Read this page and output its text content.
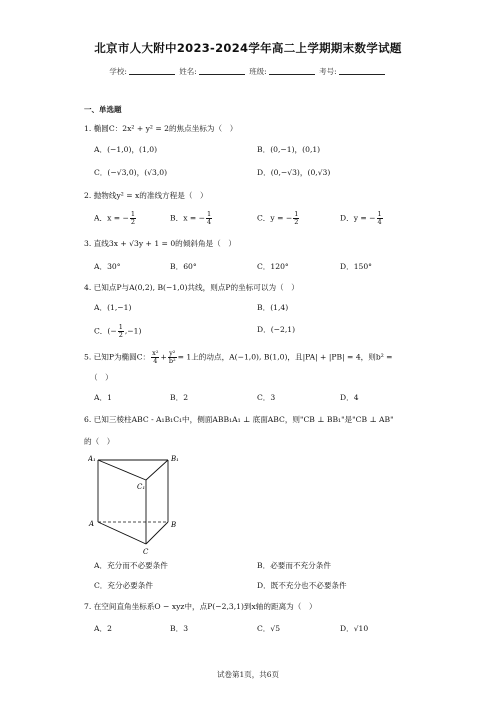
北京市人大附中2023-2024学年高二上学期期末数学试题
学校:	姓名:	班级:	考号:
一、单选题
1. 椭圆C：2x² + y² = 2的焦点坐标为（　）
A．(−1,0)，(1,0)	B．(0,−1)，(0,1)
C．(−√3,0)，(√3,0)	D．(0,−√3)，(0,√3)
2. 抛物线y² = x的准线方程是（　）
A．x = − $\frac{1}{2}$	B．x = − $\frac{1}{4}$	C．y = − $\frac{1}{2}$	D．y = − $\frac{1}{4}$
3. 直线3x + √3y + 1 = 0的倾斜角是（　）
A．30°	B．60°	C．120°	D．150°
4. 已知点P与A(0,2), B(−1,0)共线，则点P的坐标可以为（　）
A．(1,−1)	B．(1,4)
C．(− $\frac{1}{2} ,-1$)	D．(−2,1)
5. 已知P为椭圆C： $\frac{\text{x²}}{4} + \frac{\text{y²}}{\text{b²}} = 1$上的动点，A(−1,0), B(1,0)，且|PA| + |PB| = 4，则b² =
（　）
A．1	B．2	C．3	D．4
6. 已知三棱柱ABC - A₁B₁C₁中，侧面ABB₁A₁ ⊥ 底面ABC，则"CB ⊥ BB₁"是"CB ⊥ AB"
的（　）
A₁	B₁
C₁
A	B
C
A．充分而不必要条件	B．必要而不充分条件
C．充分必要条件	D．既不充分也不必要条件
7. 在空间直角坐标系O − xyz中，点P(−2,3,1)到x轴的距离为（　）
A．2	B．3	C．√5	D．√10
试卷第1页，共6页
